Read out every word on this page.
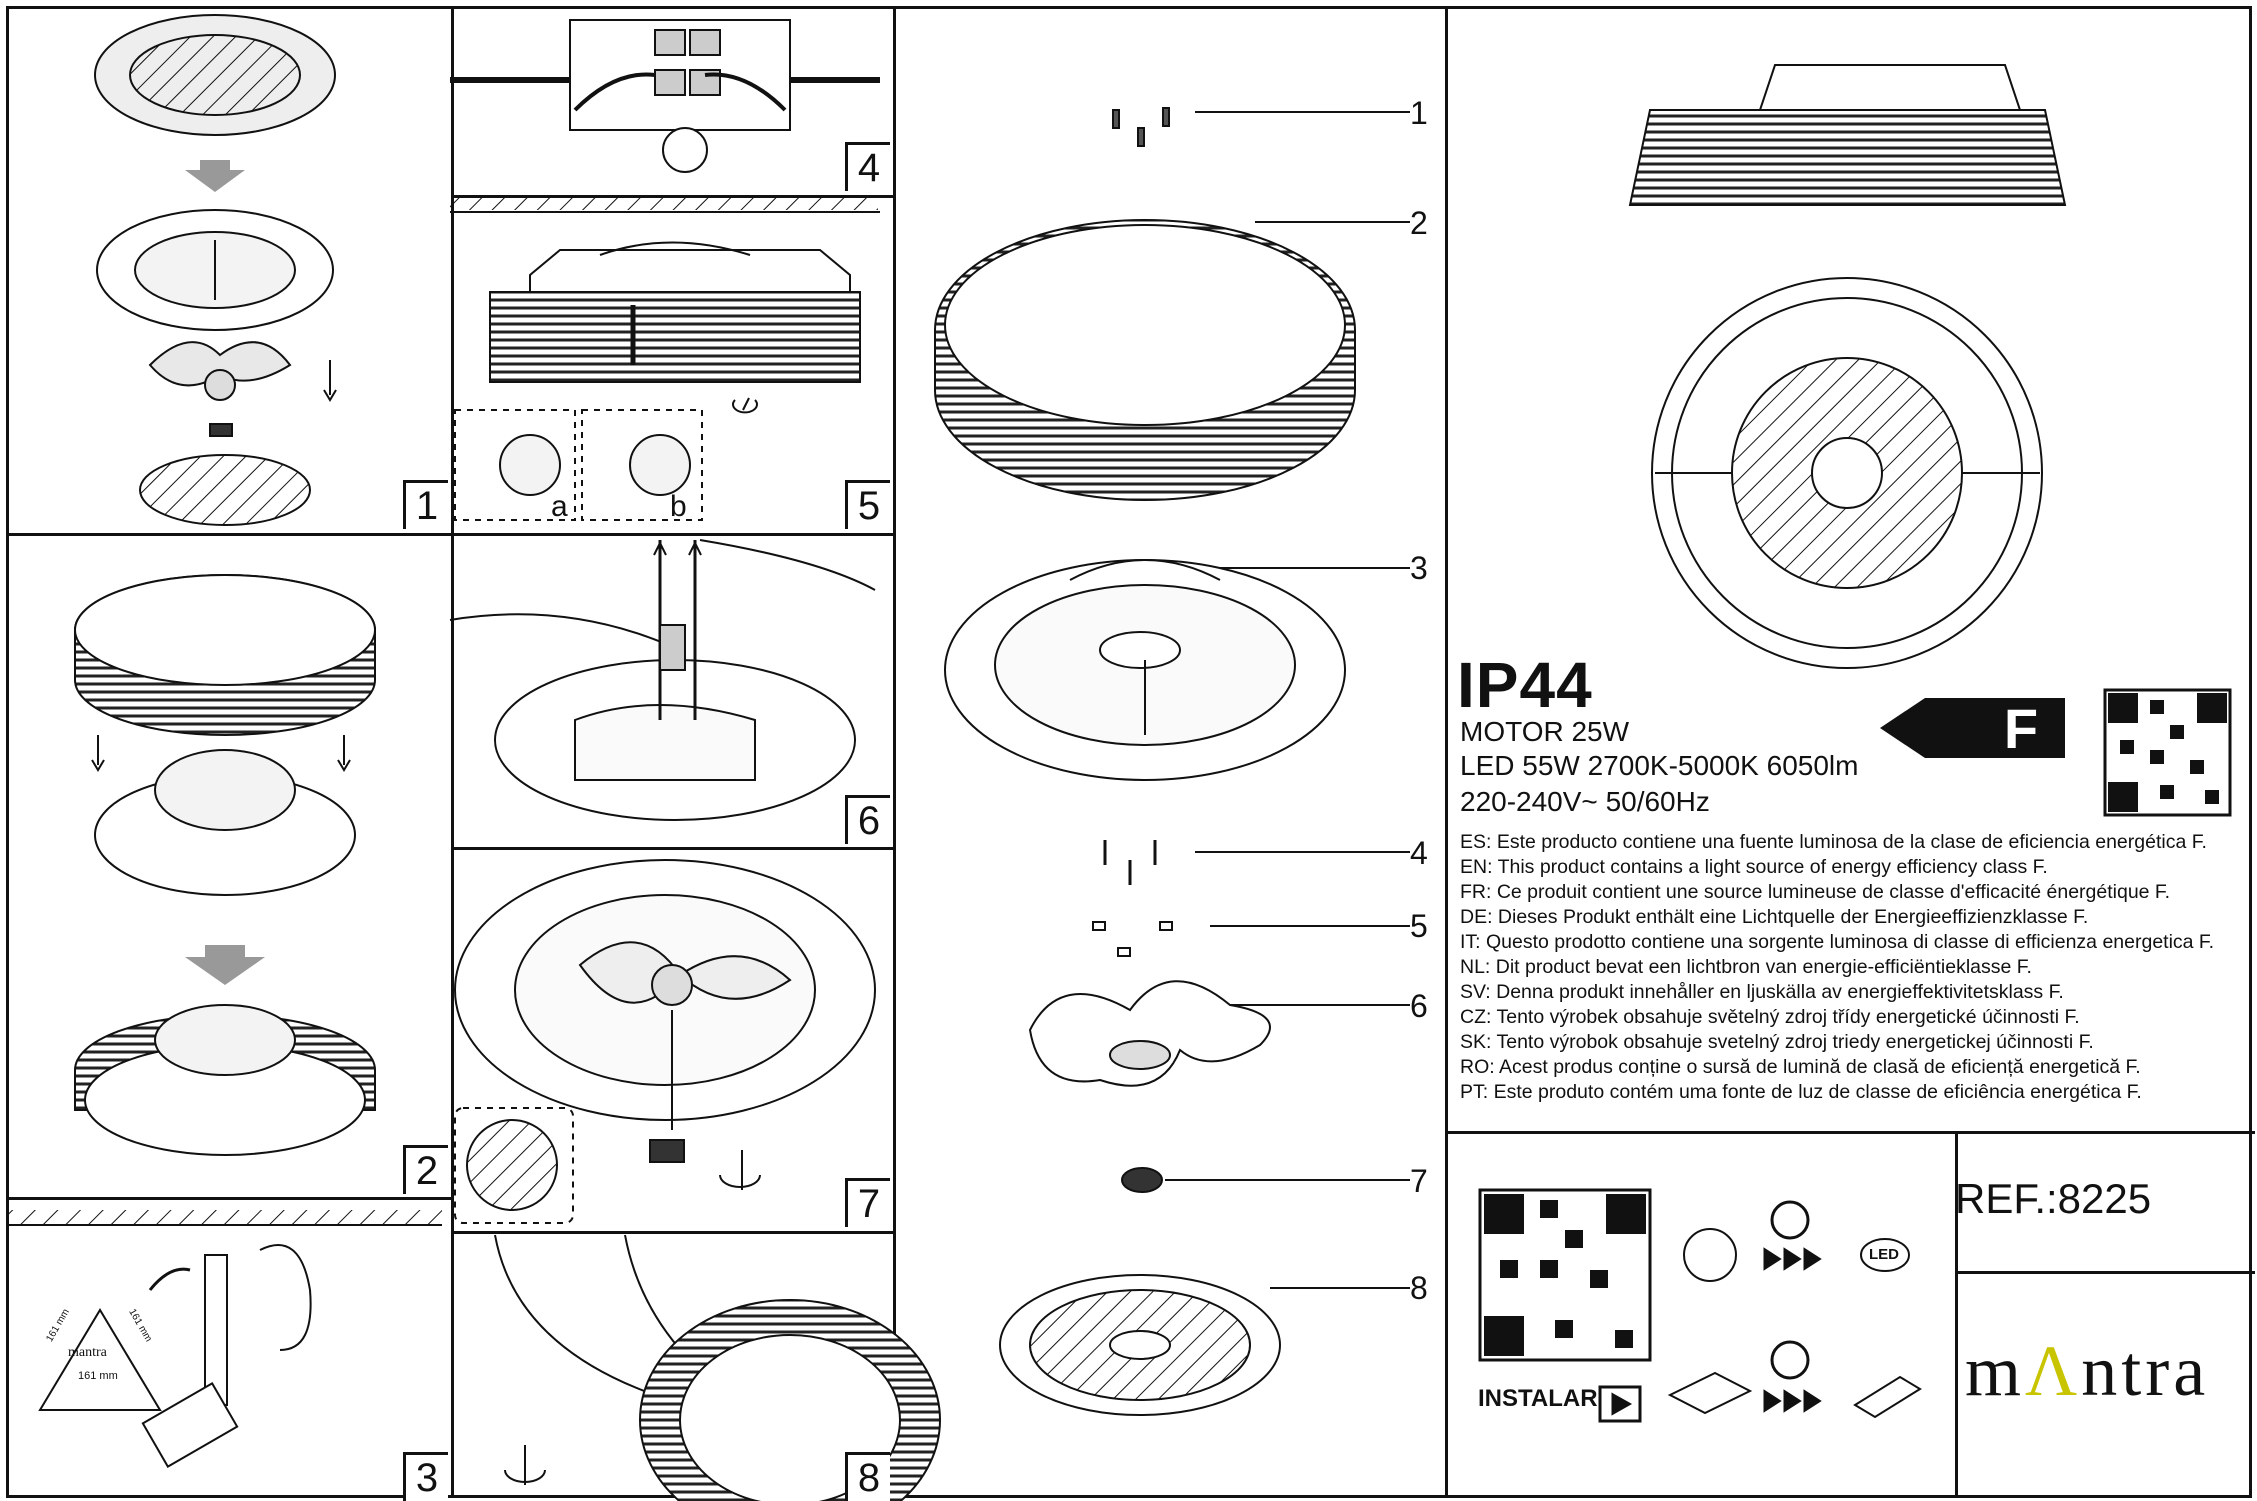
1
2
3
4
5
6
7
8
a	b
mantra
161 mm	161 mm
161 mm
1
2
3
4
5
6
7
8
IP44
MOTOR 25W
LED 55W 2700K-5000K 6050lm
220-240V~ 50/60Hz
F
ES: Este producto contiene una fuente luminosa de la clase de eficiencia energética F.
EN: This product contains a light source of energy efficiency class F.
FR: Ce produit contient une source lumineuse de classe d'efficacité énergétique F.
DE: Dieses Produkt enthält eine Lichtquelle der Energieeffizienzklasse F.
IT: Questo prodotto contiene una sorgente luminosa di classe di efficienza energetica F.
NL: Dit product bevat een lichtbron van energie-efficiëntieklasse F.
SV: Denna produkt innehåller en ljuskälla av energieffektivitetsklass F.
CZ: Tento výrobek obsahuje světelný zdroj třídy energetické účinnosti F.
SK: Tento výrobok obsahuje svetelný zdroj triedy energetickej účinnosti F.
RO: Acest produs conține o sursă de lumină de clasă de eficiență energetică F.
PT: Este produto contém uma fonte de luz de classe de eficiência energética F.
INSTALAR
LED
REF.:8225
mΛntra
